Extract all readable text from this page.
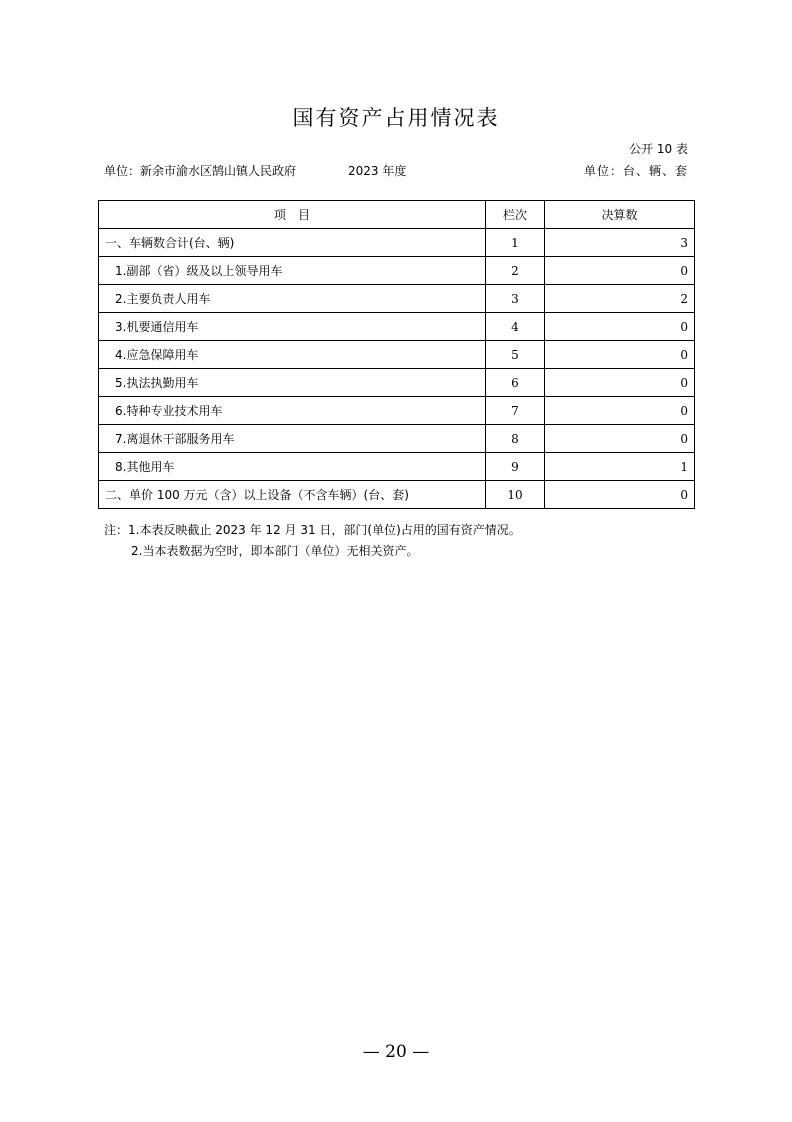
国有资产占用情况表
公开 10 表
单位：新余市渝水区鹄山镇人民政府	2023 年度	单位：台、辆、套
项　目	栏次	决算数
一、车辆数合计(台、辆)	1	3
1.副部（省）级及以上领导用车	2	0
2.主要负责人用车	3	2
3.机要通信用车	4	0
4.应急保障用车	5	0
5.执法执勤用车	6	0
6.特种专业技术用车	7	0
7.离退休干部服务用车	8	0
8.其他用车	9	1
二、单价 100 万元（含）以上设备（不含车辆）(台、套)	10	0
注：1.本表反映截止 2023 年 12 月 31 日，部门(单位)占用的国有资产情况。
2.当本表数据为空时，即本部门（单位）无相关资产。
— 20 —
